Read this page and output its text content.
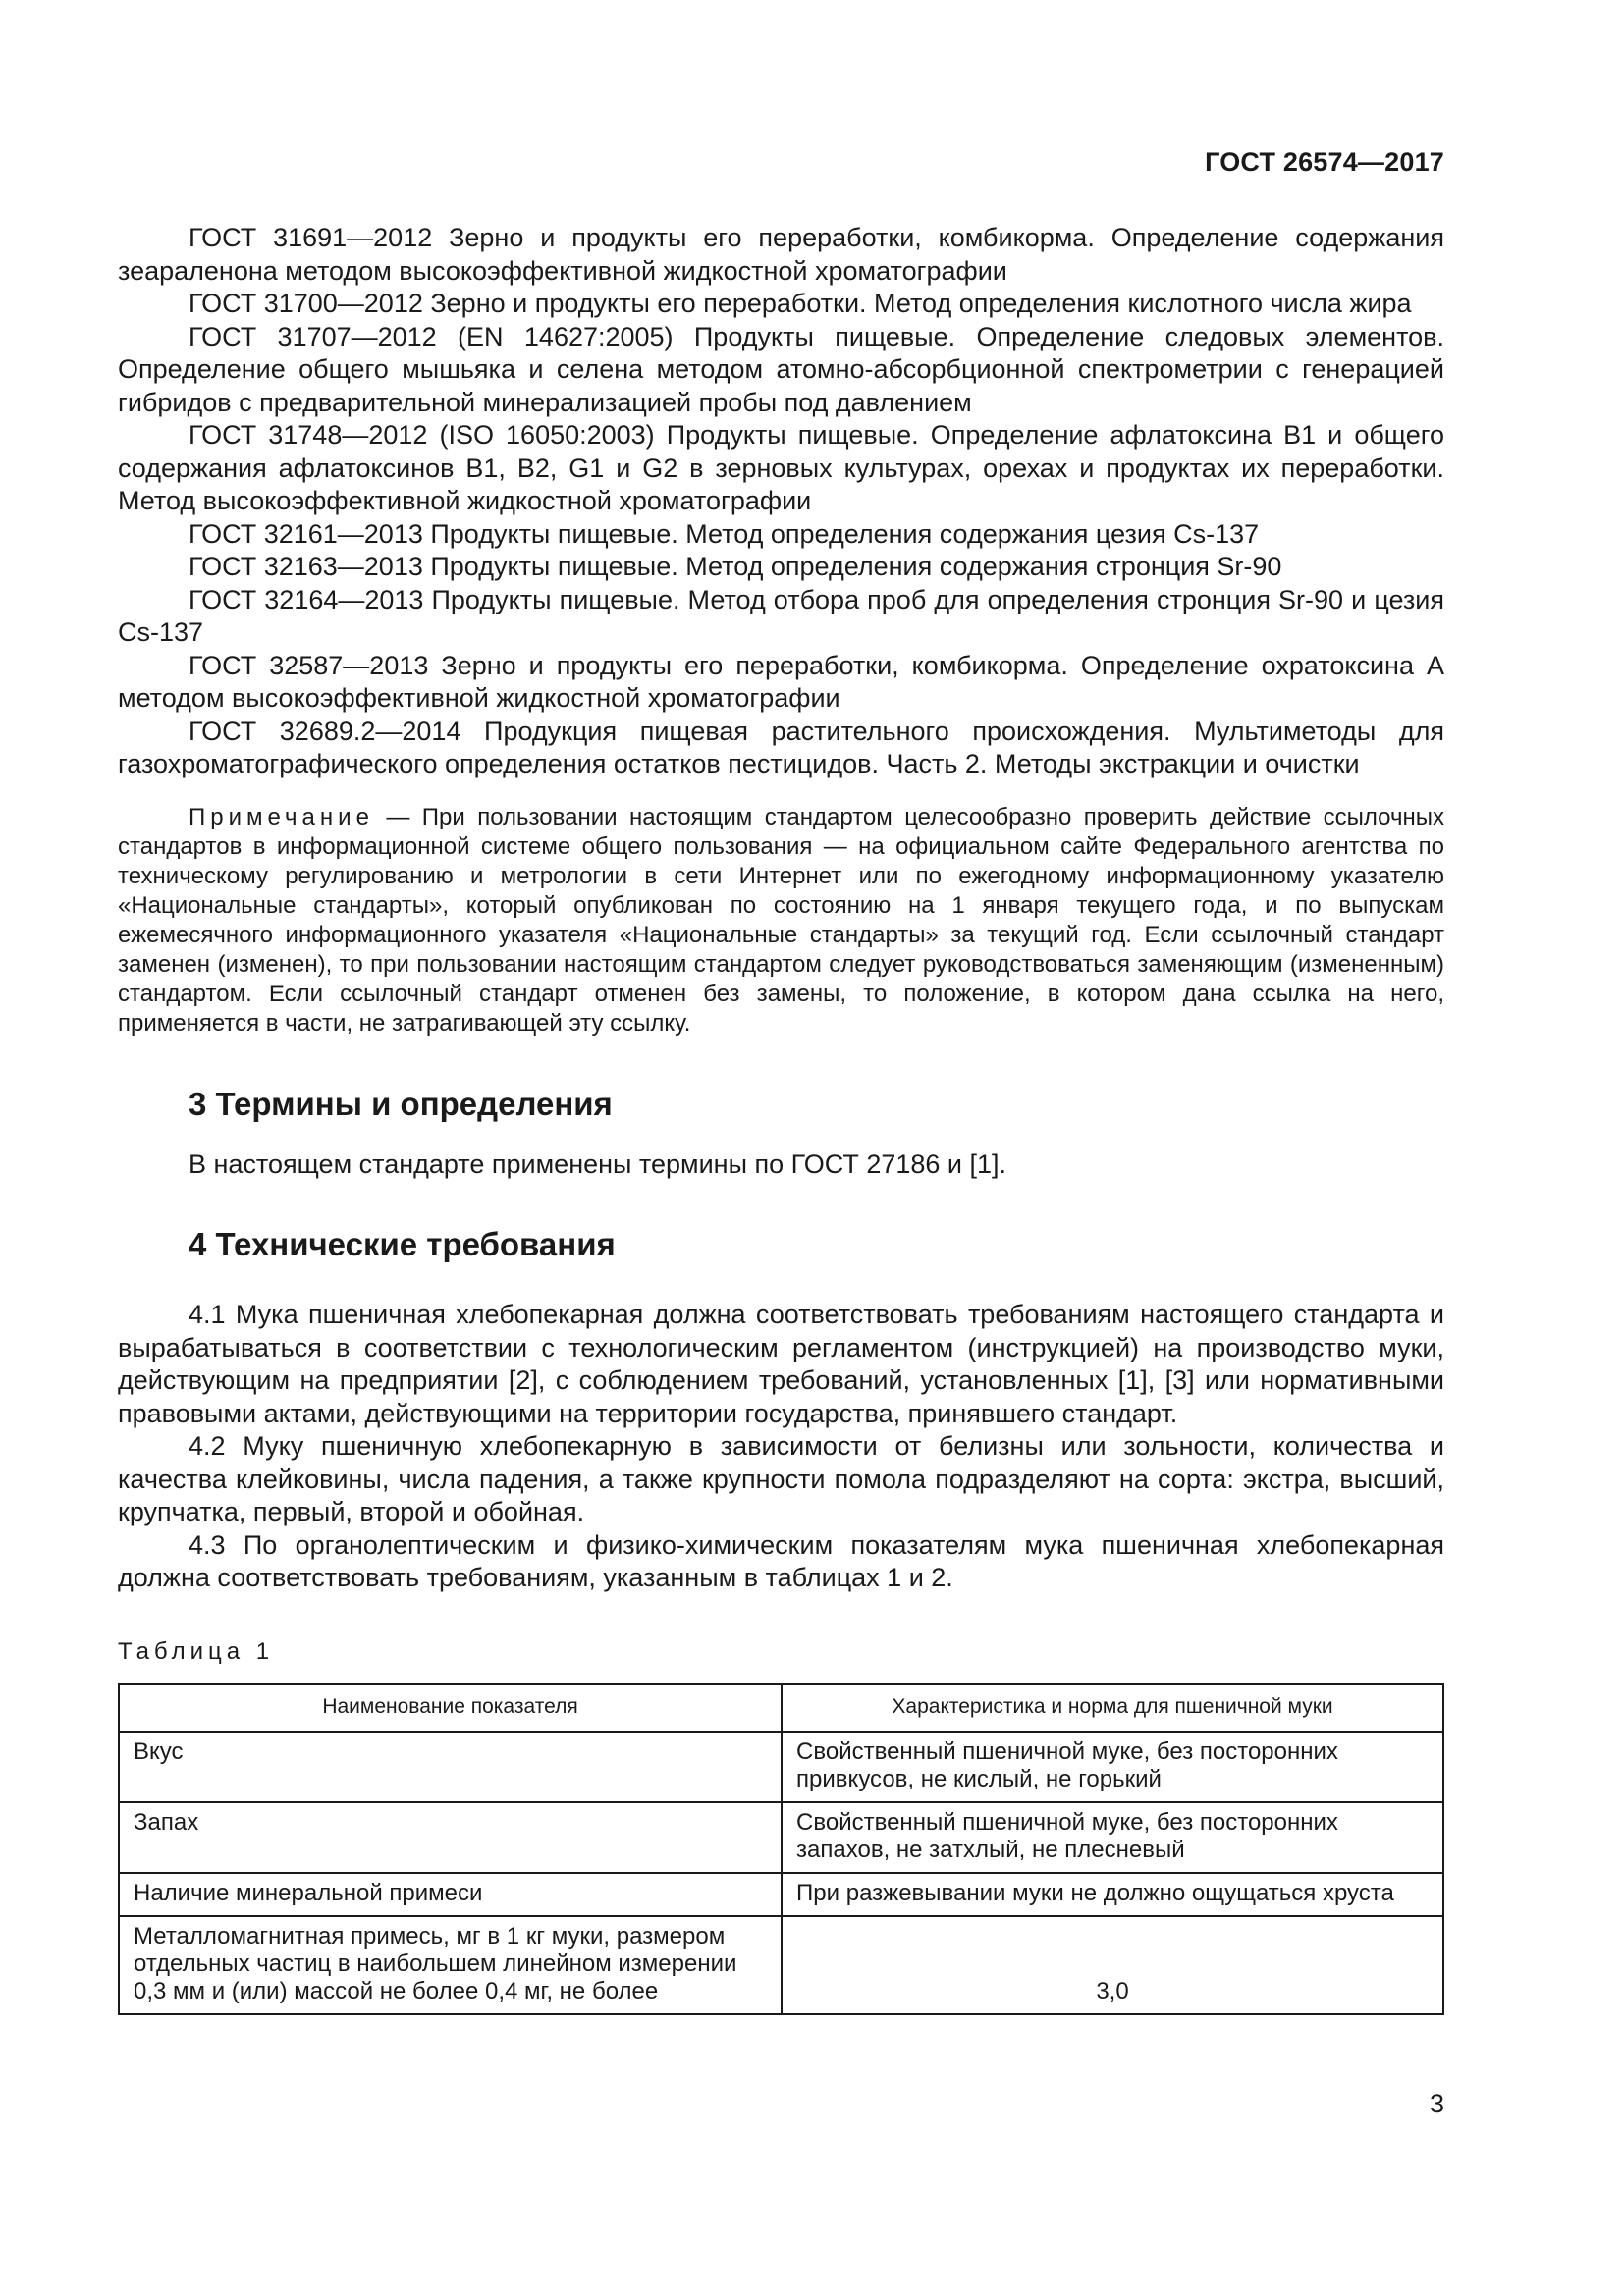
ГОСТ 26574—2017

ГОСТ 31691—2012 Зерно и продукты его переработки, комбикорма. Определение содержания зеараленона методом высокоэффективной жидкостной хроматографии

ГОСТ 31700—2012 Зерно и продукты его переработки. Метод определения кислотного числа жира

ГОСТ 31707—2012 (EN 14627:2005) Продукты пищевые. Определение следовых элементов. Определение общего мышьяка и селена методом атомно-абсорбционной спектрометрии с генерацией гибридов с предварительной минерализацией пробы под давлением

ГОСТ 31748—2012 (ISO 16050:2003) Продукты пищевые. Определение афлатоксина В1 и общего содержания афлатоксинов В1, В2, G1 и G2 в зерновых культурах, орехах и продуктах их переработки. Метод высокоэффективной жидкостной хроматографии

ГОСТ 32161—2013 Продукты пищевые. Метод определения содержания цезия Cs-137

ГОСТ 32163—2013 Продукты пищевые. Метод определения содержания стронция Sr-90

ГОСТ 32164—2013 Продукты пищевые. Метод отбора проб для определения стронция Sr-90 и цезия Cs-137

ГОСТ 32587—2013 Зерно и продукты его переработки, комбикорма. Определение охратоксина А методом высокоэффективной жидкостной хроматографии

ГОСТ 32689.2—2014 Продукция пищевая растительного происхождения. Мультиметоды для газохроматографического определения остатков пестицидов. Часть 2. Методы экстракции и очистки

Примечание — При пользовании настоящим стандартом целесообразно проверить действие ссылочных стандартов в информационной системе общего пользования — на официальном сайте Федерального агентства по техническому регулированию и метрологии в сети Интернет или по ежегодному информационному указателю «Национальные стандарты», который опубликован по состоянию на 1 января текущего года, и по выпускам ежемесячного информационного указателя «Национальные стандарты» за текущий год. Если ссылочный стандарт заменен (изменен), то при пользовании настоящим стандартом следует руководствоваться заменяющим (измененным) стандартом. Если ссылочный стандарт отменен без замены, то положение, в котором дана ссылка на него, применяется в части, не затрагивающей эту ссылку.
3 Термины и определения

В настоящем стандарте применены термины по ГОСТ 27186 и [1].

4 Технические требования

4.1 Мука пшеничная хлебопекарная должна соответствовать требованиям настоящего стандарта и вырабатываться в соответствии с технологическим регламентом (инструкцией) на производство муки, действующим на предприятии [2], с соблюдением требований, установленных [1], [3] или нормативными правовыми актами, действующими на территории государства, принявшего стандарт.

4.2 Муку пшеничную хлебопекарную в зависимости от белизны или зольности, количества и качества клейковины, числа падения, а также крупности помола подразделяют на сорта: экстра, высший, крупчатка, первый, второй и обойная.

4.3 По органолептическим и физико-химическим показателям мука пшеничная хлебопекарная должна соответствовать требованиям, указанным в таблицах 1 и 2.

Таблица 1
Наименование показателя	Характеристика и норма для пшеничной муки
Вкус	Свойственный пшеничной муке, без посторонних привкусов, не кислый, не горький
Запах	Свойственный пшеничной муке, без посторонних запахов, не затхлый, не плесневый
Наличие минеральной примеси	При разжевывании муки не должно ощущаться хруста
Металломагнитная примесь, мг в 1 кг муки, размером отдельных частиц в наибольшем линейном измерении 0,3 мм и (или) массой не более 0,4 мг, не более	3,0
3
